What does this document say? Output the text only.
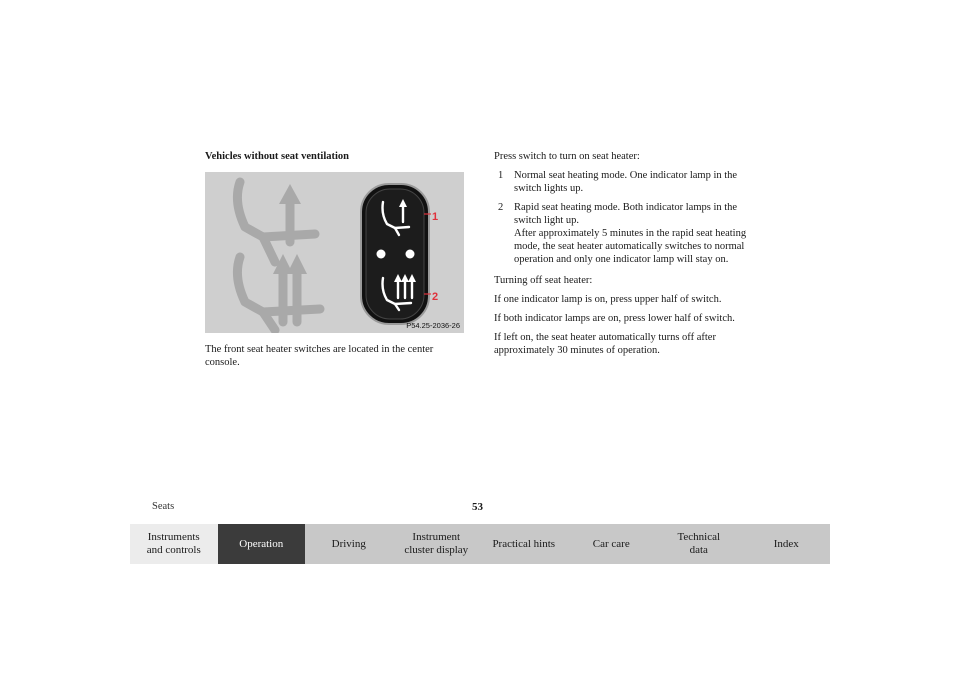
Vehicles without seat ventilation
1
2
P54.25-2036-26
The front seat heater switches are located in the center console.
Press switch to turn on seat heater:
1	Normal seat heating mode. One indicator lamp in the switch lights up.
2	Rapid seat heating mode. Both indicator lamps in the switch light up.
After approximately 5 minutes in the rapid seat heating mode, the seat heater automatically switches to normal operation and only one indicator lamp will stay on.
Turning off seat heater:
If one indicator lamp is on, press upper half of switch.
If both indicator lamps are on, press lower half of switch.
If left on, the seat heater automatically turns off after approximately 30 minutes of operation.
Seats	53
Instruments
and controls
Operation	Driving
Instrument
cluster display
Practical hints	Car care
Technical
data
Index
